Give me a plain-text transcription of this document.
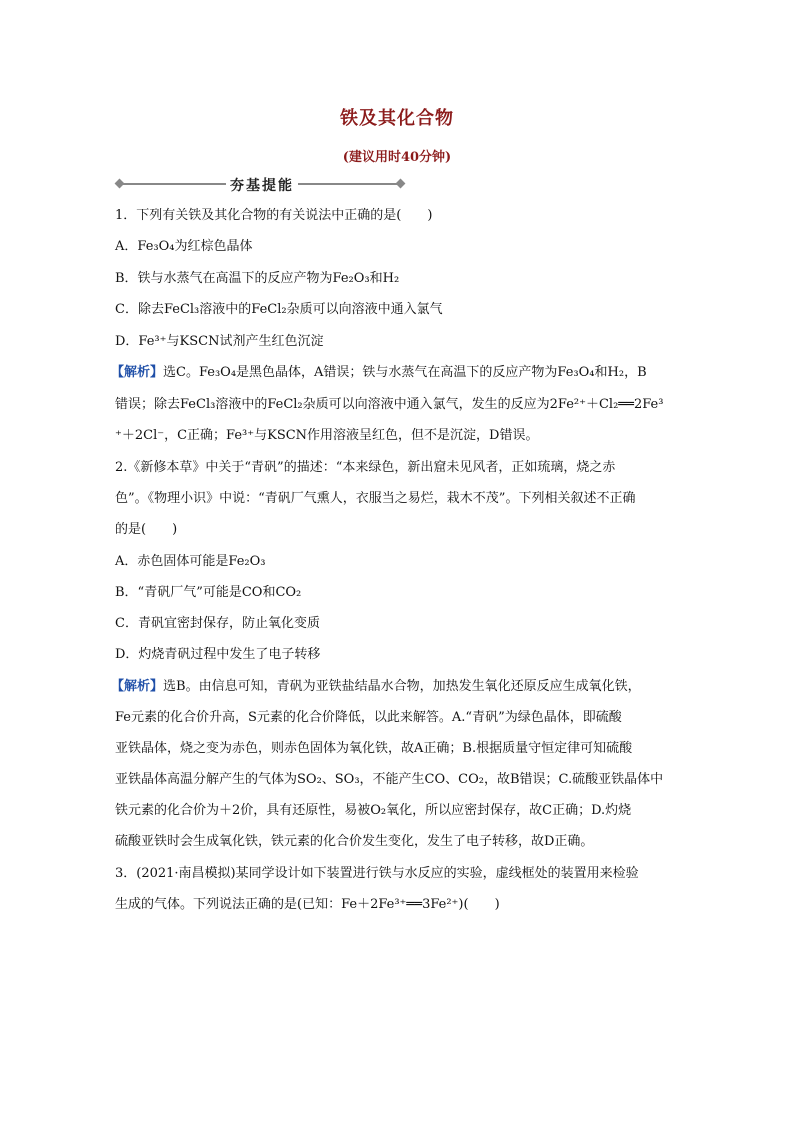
铁及其化合物
(建议用时40分钟)
夯基提能
1．下列有关铁及其化合物的有关说法中正确的是(　　)
A．Fe₃O₄为红棕色晶体
B．铁与水蒸气在高温下的反应产物为Fe₂O₃和H₂
C．除去FeCl₃溶液中的FeCl₂杂质可以向溶液中通入氯气
D．Fe³⁺与KSCN试剂产生红色沉淀
【解析】选C。Fe₃O₄是黑色晶体，A错误；铁与水蒸气在高温下的反应产物为Fe₃O₄和H₂，B
错误；除去FeCl₃溶液中的FeCl₂杂质可以向溶液中通入氯气，发生的反应为2Fe²⁺＋Cl₂══2Fe³
⁺＋2Cl⁻，C正确；Fe³⁺与KSCN作用溶液呈红色，但不是沉淀，D错误。
2.《新修本草》中关于“青矾”的描述：“本来绿色，新出窟未见风者，正如琉璃，烧之赤
色”。《物理小识》中说：“青矾厂气熏人，衣服当之易烂，栽木不茂”。下列相关叙述不正确
的是(　　)
A．赤色固体可能是Fe₂O₃
B．“青矾厂气”可能是CO和CO₂
C．青矾宜密封保存，防止氧化变质
D．灼烧青矾过程中发生了电子转移
【解析】选B。由信息可知，青矾为亚铁盐结晶水合物，加热发生氧化还原反应生成氧化铁，
Fe元素的化合价升高，S元素的化合价降低，以此来解答。A.“青矾”为绿色晶体，即硫酸
亚铁晶体，烧之变为赤色，则赤色固体为氧化铁，故A正确；B.根据质量守恒定律可知硫酸
亚铁晶体高温分解产生的气体为SO₂、SO₃，不能产生CO、CO₂，故B错误；C.硫酸亚铁晶体中
铁元素的化合价为＋2价，具有还原性，易被O₂氧化，所以应密封保存，故C正确；D.灼烧
硫酸亚铁时会生成氧化铁，铁元素的化合价发生变化，发生了电子转移，故D正确。
3．(2021·南昌模拟)某同学设计如下装置进行铁与水反应的实验，虚线框处的装置用来检验
生成的气体。下列说法正确的是(已知：Fe＋2Fe³⁺══3Fe²⁺)(　　)
